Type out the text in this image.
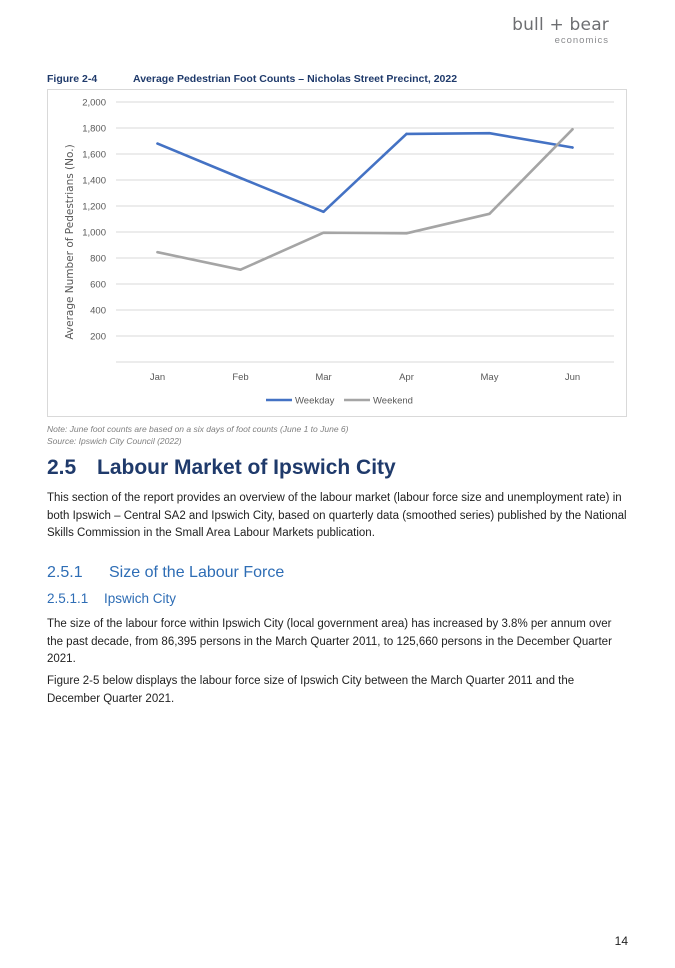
bull + bear
economics
Figure 2-4	Average Pedestrian Foot Counts – Nicholas Street Precinct, 2022
200
400
600
800
1,000
1,200
1,400
1,600
1,800
2,000
Jan	Feb	Mar	Apr	May	Jun
Average Number of Pedestrians (No.)
Weekday	Weekend
Note: June foot counts are based on a six days of foot counts (June 1 to June 6)
Source: Ipswich City Council (2022)
2.5 Labour Market of Ipswich City
This section of the report provides an overview of the labour market (labour force size and unemployment rate) in both Ipswich – Central SA2 and Ipswich City, based on quarterly data (smoothed series) published by the National Skills Commission in the Small Area Labour Markets publication.
2.5.1 Size of the Labour Force
2.5.1.1 Ipswich City
The size of the labour force within Ipswich City (local government area) has increased by 3.8% per annum over the past decade, from 86,395 persons in the March Quarter 2011, to 125,660 persons in the December Quarter 2021.
Figure 2-5 below displays the labour force size of Ipswich City between the March Quarter 2011 and the December Quarter 2021.
14
